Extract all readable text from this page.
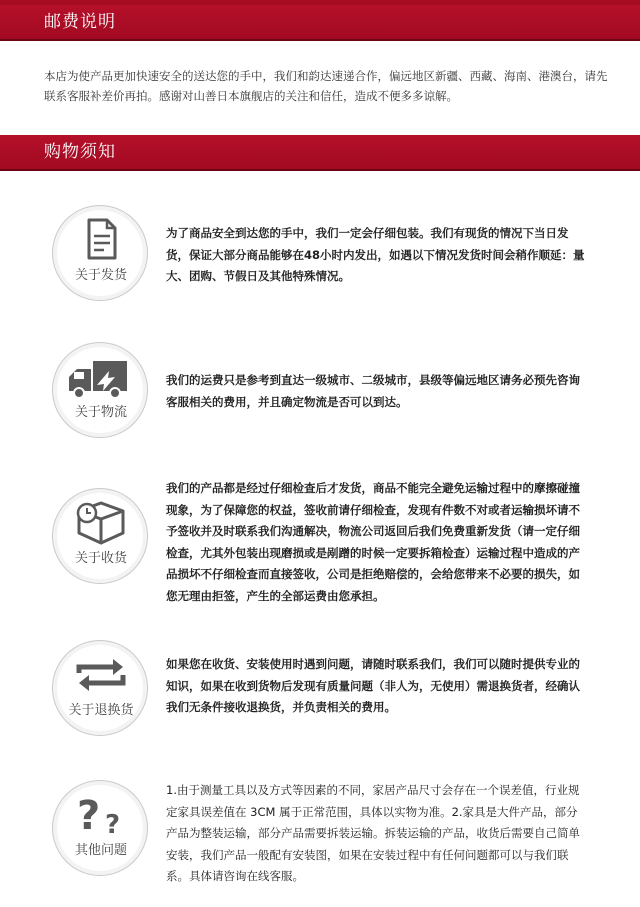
邮费说明
本店为使产品更加快速安全的送达您的手中，我们和韵达速递合作，偏远地区新疆、西藏、海南、港澳台，请先联系客服补差价再拍。感谢对山善日本旗舰店的关注和信任，造成不便多多谅解。
购物须知
关于发货
为了商品安全到达您的手中，我们一定会仔细包装。我们有现货的情况下当日发货，保证大部分商品能够在48小时内发出，如遇以下情况发货时间会稍作顺延：量大、团购、节假日及其他特殊情况。
关于物流
我们的运费只是参考到直达一级城市、二级城市，县级等偏远地区请务必预先咨询客服相关的费用，并且确定物流是否可以到达。
关于收货
我们的产品都是经过仔细检查后才发货，商品不能完全避免运输过程中的摩擦碰撞现象，为了保障您的权益，签收前请仔细检查，发现有件数不对或者运输损坏请不予签收并及时联系我们沟通解决，物流公司返回后我们免费重新发货（请一定仔细检查，尤其外包装出现磨损或是剐蹭的时候一定要拆箱检查）运输过程中造成的产品损坏不仔细检查而直接签收，公司是拒绝赔偿的，会给您带来不必要的损失，如您无理由拒签，产生的全部运费由您承担。
关于退换货
如果您在收货、安装使用时遇到问题，请随时联系我们，我们可以随时提供专业的知识，如果在收到货物后发现有质量问题（非人为，无使用）需退换货者，经确认我们无条件接收退换货，并负责相关的费用。
? ?
其他问题
1.由于测量工具以及方式等因素的不同，家居产品尺寸会存在一个误差值，行业规定家具误差值在 3CM 属于正常范围，具体以实物为准。2.家具是大件产品，部分产品为整装运输，部分产品需要拆装运输。拆装运输的产品，收货后需要自己简单安装，我们产品一般配有安装图，如果在安装过程中有任何问题都可以与我们联系。具体请咨询在线客服。
